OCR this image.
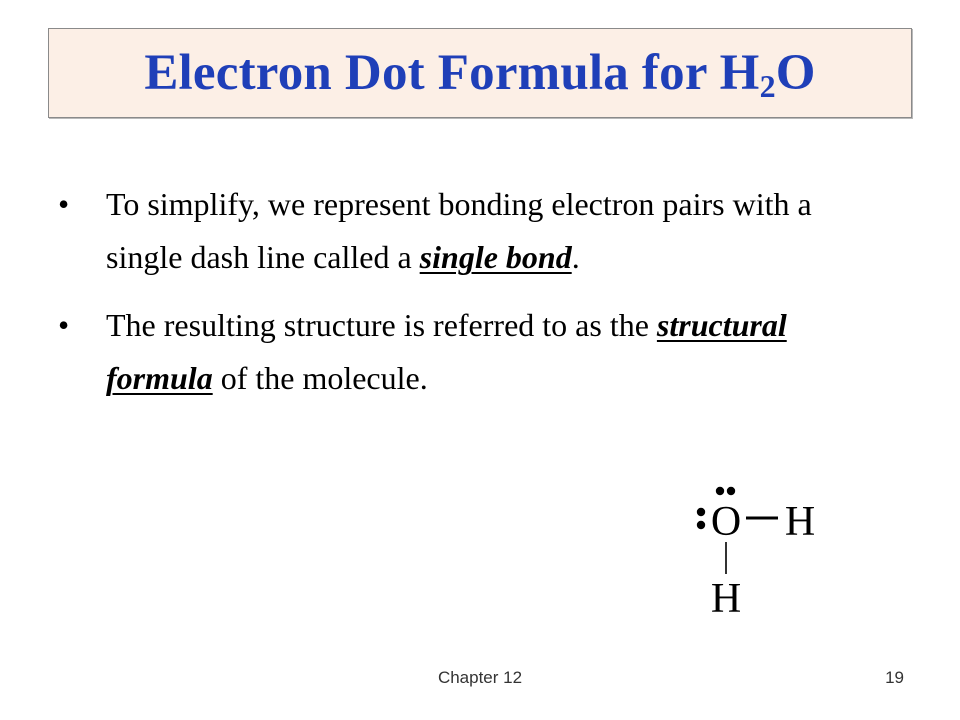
Electron Dot Formula for $H_2O$
• To simplify, we represent bonding electron pairs with a single dash line called a single bond.
• The resulting structure is referred to as the structural formula of the molecule.
O H
H
Chapter 12	19
